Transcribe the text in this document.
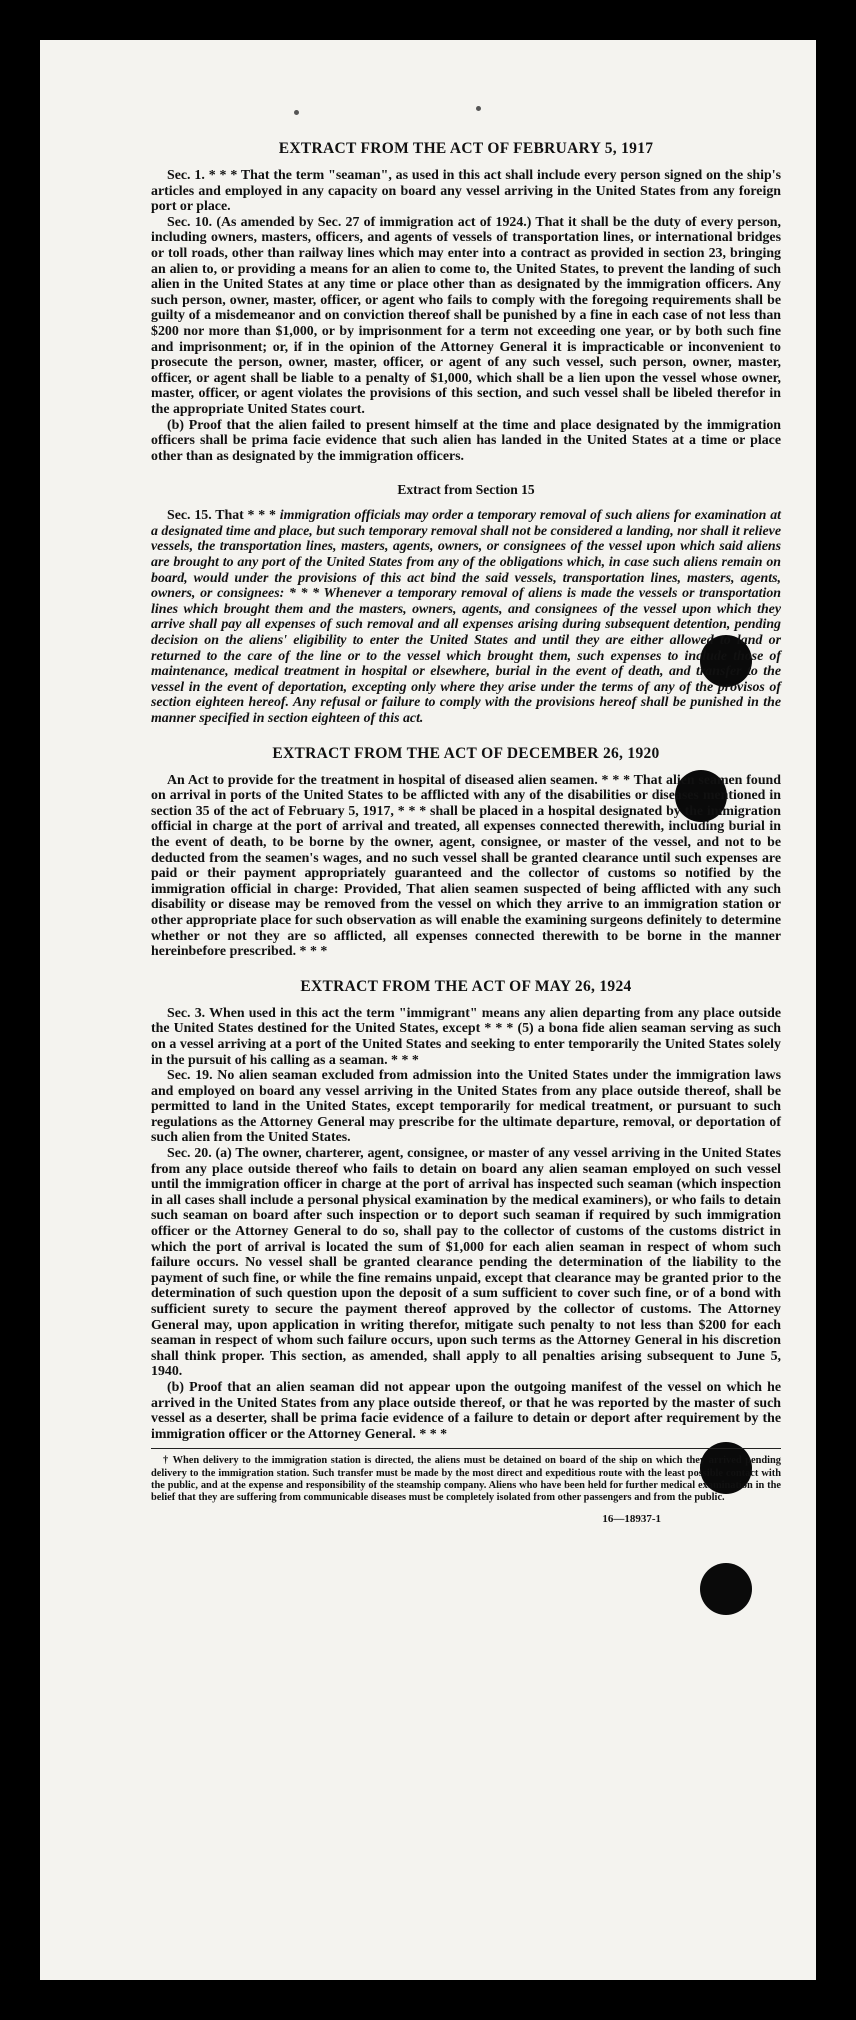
EXTRACT FROM THE ACT OF FEBRUARY 5, 1917

Sec. 1. * * * That the term "seaman", as used in this act shall include every person signed on the ship's articles and employed in any capacity on board any vessel arriving in the United States from any foreign port or place.

Sec. 10. (As amended by Sec. 27 of immigration act of 1924.) That it shall be the duty of every person, including owners, masters, officers, and agents of vessels of transportation lines, or international bridges or toll roads, other than railway lines which may enter into a contract as provided in section 23, bringing an alien to, or providing a means for an alien to come to, the United States, to prevent the landing of such alien in the United States at any time or place other than as designated by the immigration officers. Any such person, owner, master, officer, or agent who fails to comply with the foregoing requirements shall be guilty of a misdemeanor and on conviction thereof shall be punished by a fine in each case of not less than $200 nor more than $1,000, or by imprisonment for a term not exceeding one year, or by both such fine and imprisonment; or, if in the opinion of the Attorney General it is impracticable or inconvenient to prosecute the person, owner, master, officer, or agent of any such vessel, such person, owner, master, officer, or agent shall be liable to a penalty of $1,000, which shall be a lien upon the vessel whose owner, master, officer, or agent violates the provisions of this section, and such vessel shall be libeled therefor in the appropriate United States court.

(b) Proof that the alien failed to present himself at the time and place designated by the immigration officers shall be prima facie evidence that such alien has landed in the United States at a time or place other than as designated by the immigration officers.

Extract from Section 15

Sec. 15. That * * * immigration officials may order a temporary removal of such aliens for examination at a designated time and place, but such temporary removal shall not be considered a landing, nor shall it relieve vessels, the transportation lines, masters, agents, owners, or consignees of the vessel upon which said aliens are brought to any port of the United States from any of the obligations which, in case such aliens remain on board, would under the provisions of this act bind the said vessels, transportation lines, masters, agents, owners, or consignees: * * * Whenever a temporary removal of aliens is made the vessels or transportation lines which brought them and the masters, owners, agents, and consignees of the vessel upon which they arrive shall pay all expenses of such removal and all expenses arising during subsequent detention, pending decision on the aliens' eligibility to enter the United States and until they are either allowed to land or returned to the care of the line or to the vessel which brought them, such expenses to include those of maintenance, medical treatment in hospital or elsewhere, burial in the event of death, and transfer to the vessel in the event of deportation, excepting only where they arise under the terms of any of the provisos of section eighteen hereof. Any refusal or failure to comply with the provisions hereof shall be punished in the manner specified in section eighteen of this act.

EXTRACT FROM THE ACT OF DECEMBER 26, 1920

An Act to provide for the treatment in hospital of diseased alien seamen. * * * That alien seamen found on arrival in ports of the United States to be afflicted with any of the disabilities or diseases mentioned in section 35 of the act of February 5, 1917, * * * shall be placed in a hospital designated by the immigration official in charge at the port of arrival and treated, all expenses connected therewith, including burial in the event of death, to be borne by the owner, agent, consignee, or master of the vessel, and not to be deducted from the seamen's wages, and no such vessel shall be granted clearance until such expenses are paid or their payment appropriately guaranteed and the collector of customs so notified by the immigration official in charge: Provided, That alien seamen suspected of being afflicted with any such disability or disease may be removed from the vessel on which they arrive to an immigration station or other appropriate place for such observation as will enable the examining surgeons definitely to determine whether or not they are so afflicted, all expenses connected therewith to be borne in the manner hereinbefore prescribed. * * *

EXTRACT FROM THE ACT OF MAY 26, 1924

Sec. 3. When used in this act the term "immigrant" means any alien departing from any place outside the United States destined for the United States, except * * * (5) a bona fide alien seaman serving as such on a vessel arriving at a port of the United States and seeking to enter temporarily the United States solely in the pursuit of his calling as a seaman. * * *

Sec. 19. No alien seaman excluded from admission into the United States under the immigration laws and employed on board any vessel arriving in the United States from any place outside thereof, shall be permitted to land in the United States, except temporarily for medical treatment, or pursuant to such regulations as the Attorney General may prescribe for the ultimate departure, removal, or deportation of such alien from the United States.

Sec. 20. (a) The owner, charterer, agent, consignee, or master of any vessel arriving in the United States from any place outside thereof who fails to detain on board any alien seaman employed on such vessel until the immigration officer in charge at the port of arrival has inspected such seaman (which inspection in all cases shall include a personal physical examination by the medical examiners), or who fails to detain such seaman on board after such inspection or to deport such seaman if required by such immigration officer or the Attorney General to do so, shall pay to the collector of customs of the customs district in which the port of arrival is located the sum of $1,000 for each alien seaman in respect of whom such failure occurs. No vessel shall be granted clearance pending the determination of the liability to the payment of such fine, or while the fine remains unpaid, except that clearance may be granted prior to the determination of such question upon the deposit of a sum sufficient to cover such fine, or of a bond with sufficient surety to secure the payment thereof approved by the collector of customs. The Attorney General may, upon application in writing therefor, mitigate such penalty to not less than $200 for each seaman in respect of whom such failure occurs, upon such terms as the Attorney General in his discretion shall think proper. This section, as amended, shall apply to all penalties arising subsequent to June 5, 1940.

(b) Proof that an alien seaman did not appear upon the outgoing manifest of the vessel on which he arrived in the United States from any place outside thereof, or that he was reported by the master of such vessel as a deserter, shall be prima facie evidence of a failure to detain or deport after requirement by the immigration officer or the Attorney General. * * *

† When delivery to the immigration station is directed, the aliens must be detained on board of the ship on which they arrived pending delivery to the immigration station. Such transfer must be made by the most direct and expeditious route with the least possible contact with the public, and at the expense and responsibility of the steamship company. Aliens who have been held for further medical examination in the belief that they are suffering from communicable diseases must be completely isolated from other passengers and from the public.

16—18937-1
